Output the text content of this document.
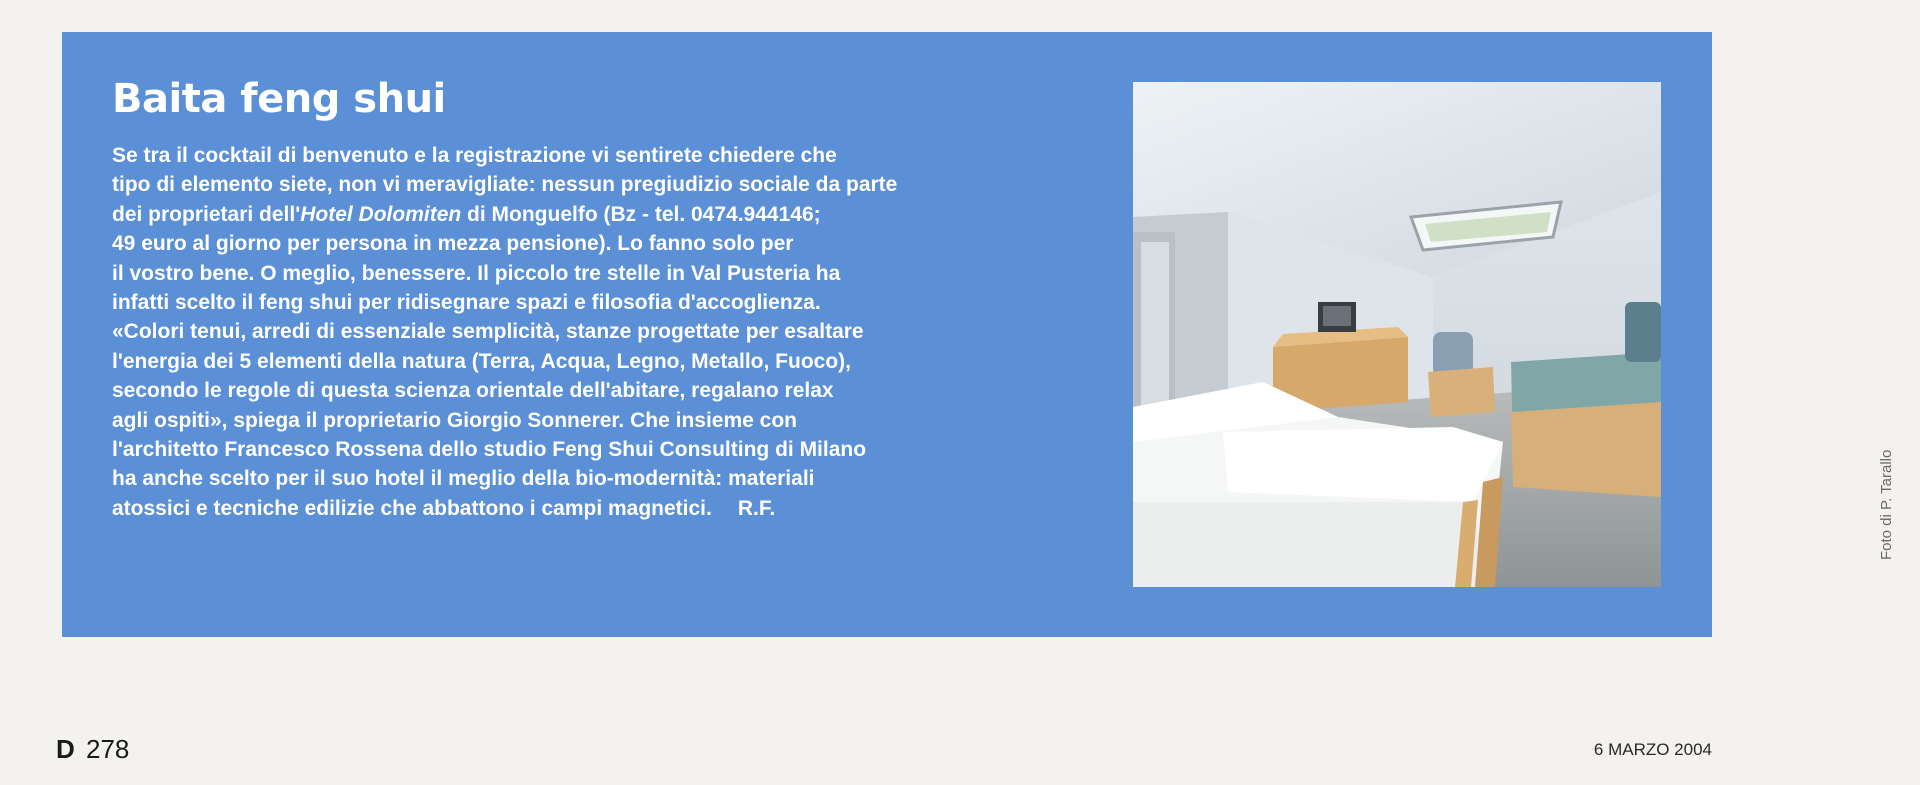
Baita feng shui
Se tra il cocktail di benvenuto e la registrazione vi sentirete chiedere che
tipo di elemento siete, non vi meravigliate: nessun pregiudizio sociale da parte
dei proprietari dell'Hotel Dolomiten di Monguelfo (Bz - tel. 0474.944146;
49 euro al giorno per persona in mezza pensione). Lo fanno solo per
il vostro bene. O meglio, benessere. Il piccolo tre stelle in Val Pusteria ha
infatti scelto il feng shui per ridisegnare spazi e filosofia d'accoglienza.
«Colori tenui, arredi di essenziale semplicità, stanze progettate per esaltare
l'energia dei 5 elementi della natura (Terra, Acqua, Legno, Metallo, Fuoco),
secondo le regole di questa scienza orientale dell'abitare, regalano relax
agli ospiti», spiega il proprietario Giorgio Sonnerer. Che insieme con
l'architetto Francesco Rossena dello studio Feng Shui Consulting di Milano
ha anche scelto per il suo hotel il meglio della bio-modernità: materiali
atossici e tecniche edilizie che abbattono i campi magnetici. R.F.	Foto di P. Tarallo
D 278	6 MARZO 2004
